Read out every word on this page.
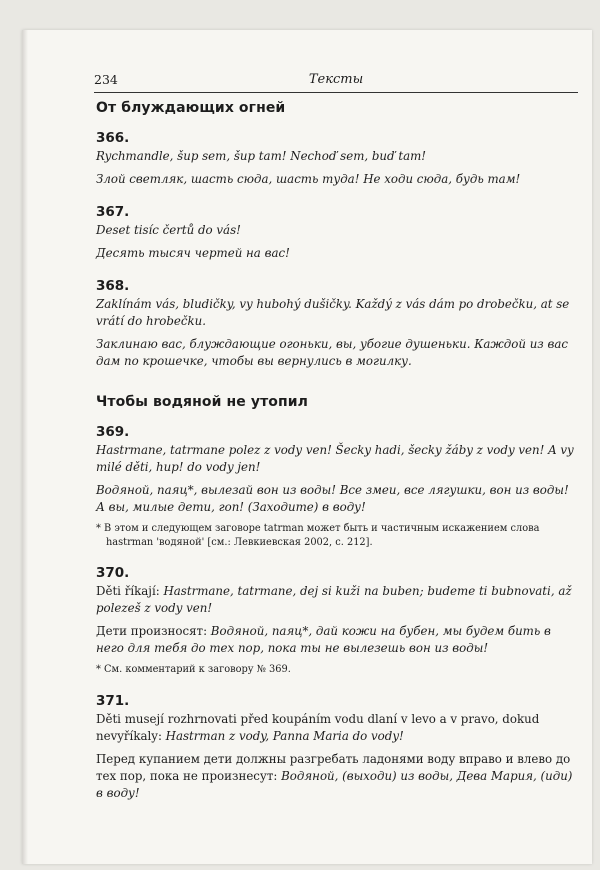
234	Тексты
От блуждающих огней
366.

Rychmandle, šup sem, šup tam! Nechoď sem, buď tam!

Злой светляк, шасть сюда, шасть туда! Не ходи сюда, будь там!

367.

Deset tisíc čertů do vás!

Десять тысяч чертей на вас!

368.

Zaklínám vás, bludičky, vy hubohý dušičky. Každý z vás dám po drobečku, at se vrátí do hrobečku.

Заклинаю вас, блуждающие огоньки, вы, убогие душеньки. Каждой из вас дам по крошечке, чтобы вы вернулись в могилку.

Чтобы водяной не утопил
369.

Hastrmane, tatrmane polez z vody ven! Šecky hadi, šecky žáby z vody ven! A vy milé děti, hup! do vody jen!

Водяной, паяц*, вылезай вон из воды! Все змеи, все лягушки, вон из воды! А вы, милые дети, гоп! (Заходите) в воду!

* В этом и следующем заговоре tatrman может быть и частичным искажением слова hastrman 'водяной' [см.: Левкиевская 2002, с. 212].

370.

Děti říkají: Hastrmane, tatrmane, dej si kuži na buben; budeme ti bubnovati, až polezeš z vody ven!

Дети произносят: Водяной, паяц*, дай кожи на бубен, мы будем бить в него для тебя до тех пор, пока ты не вылезешь вон из воды!

* См. комментарий к заговору № 369.

371.

Děti musejí rozhrnovati před koupáním vodu dlaní v levo a v pravo, dokud nevyříkaly: Hastrman z vody, Panna Maria do vody!

Перед купанием дети должны разгребать ладонями воду вправо и влево до тех пор, пока не произнесут: Водяной, (выходи) из воды, Дева Мария, (иди) в воду!
